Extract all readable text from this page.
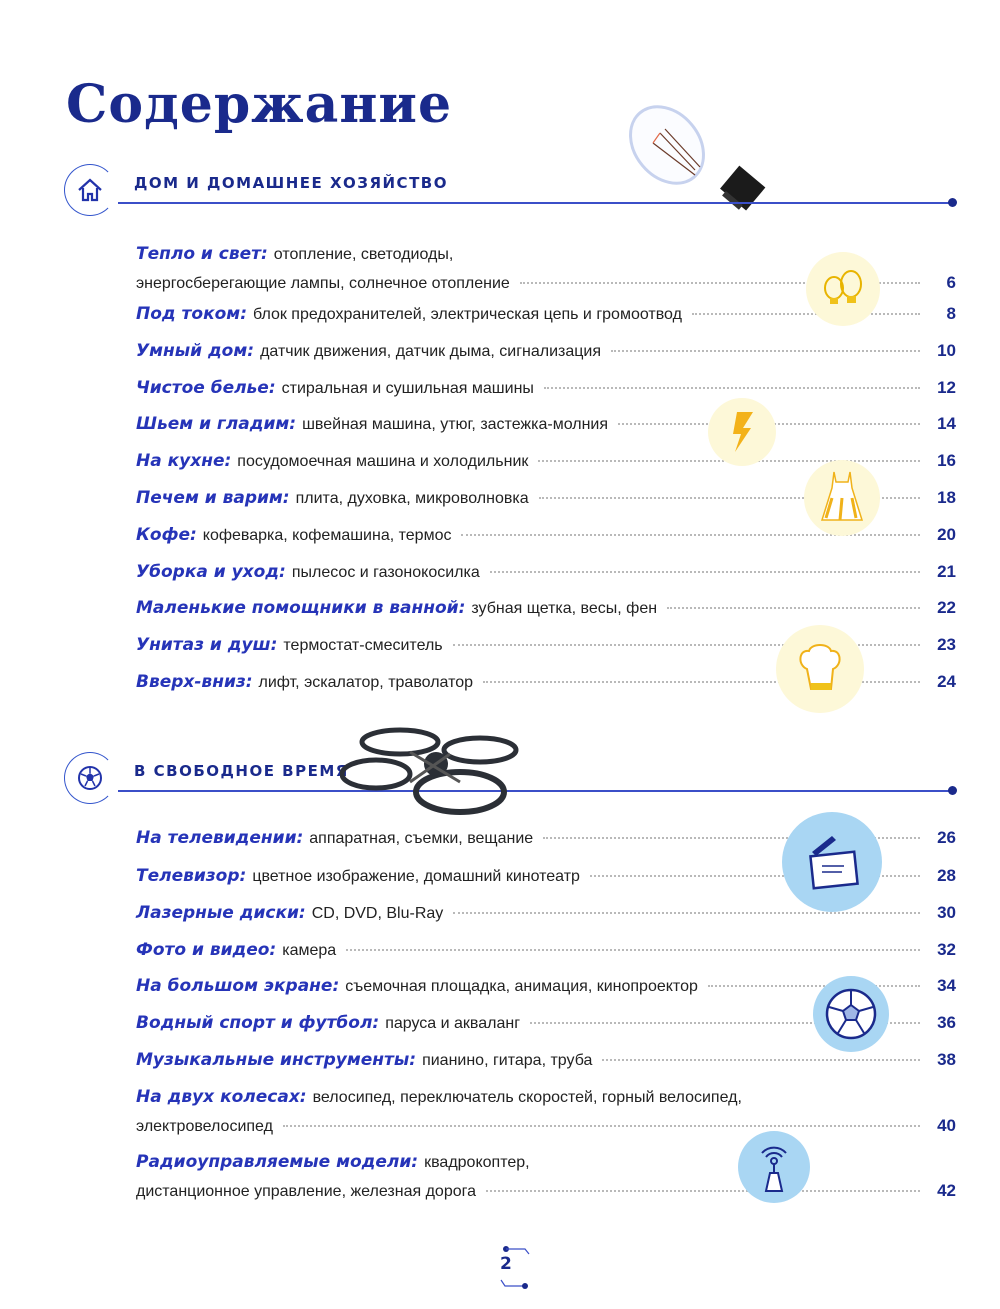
Содержание
ДОМ И ДОМАШНЕЕ ХОЗЯЙСТВО
Тепло и свет: отопление, светодиоды,
энергосберегающие лампы, солнечное отопление	6
Под током: блок предохранителей, электрическая цепь и громоотвод	8
Умный дом: датчик движения, датчик дыма, сигнализация	10
Чистое белье: стиральная и сушильная машины	12
Шьем и гладим: швейная машина, утюг, застежка-молния	14
На кухне: посудомоечная машина и холодильник	16
Печем и варим: плита, духовка, микроволновка	18
Кофе: кофеварка, кофемашина, термос	20
Уборка и уход: пылесос и газонокосилка	21
Маленькие помощники в ванной: зубная щетка, весы, фен	22
Унитаз и душ: термостат-смеситель	23
Вверх-вниз: лифт, эскалатор, траволатор	24
В СВОБОДНОЕ ВРЕМЯ
На телевидении: аппаратная, съемки, вещание	26
Телевизор: цветное изображение, домашний кинотеатр	28
Лазерные диски: CD, DVD, Blu-Ray	30
Фото и видео: камера	32
На большом экране: съемочная площадка, анимация, кинопроектор	34
Водный спорт и футбол: паруса и акваланг	36
Музыкальные инструменты: пианино, гитара, труба	38
На двух колесах: велосипед, переключатель скоростей, горный велосипед,
электровелосипед	40
Радиоуправляемые модели: квадрокоптер,
дистанционное управление, железная дорога	42
2
